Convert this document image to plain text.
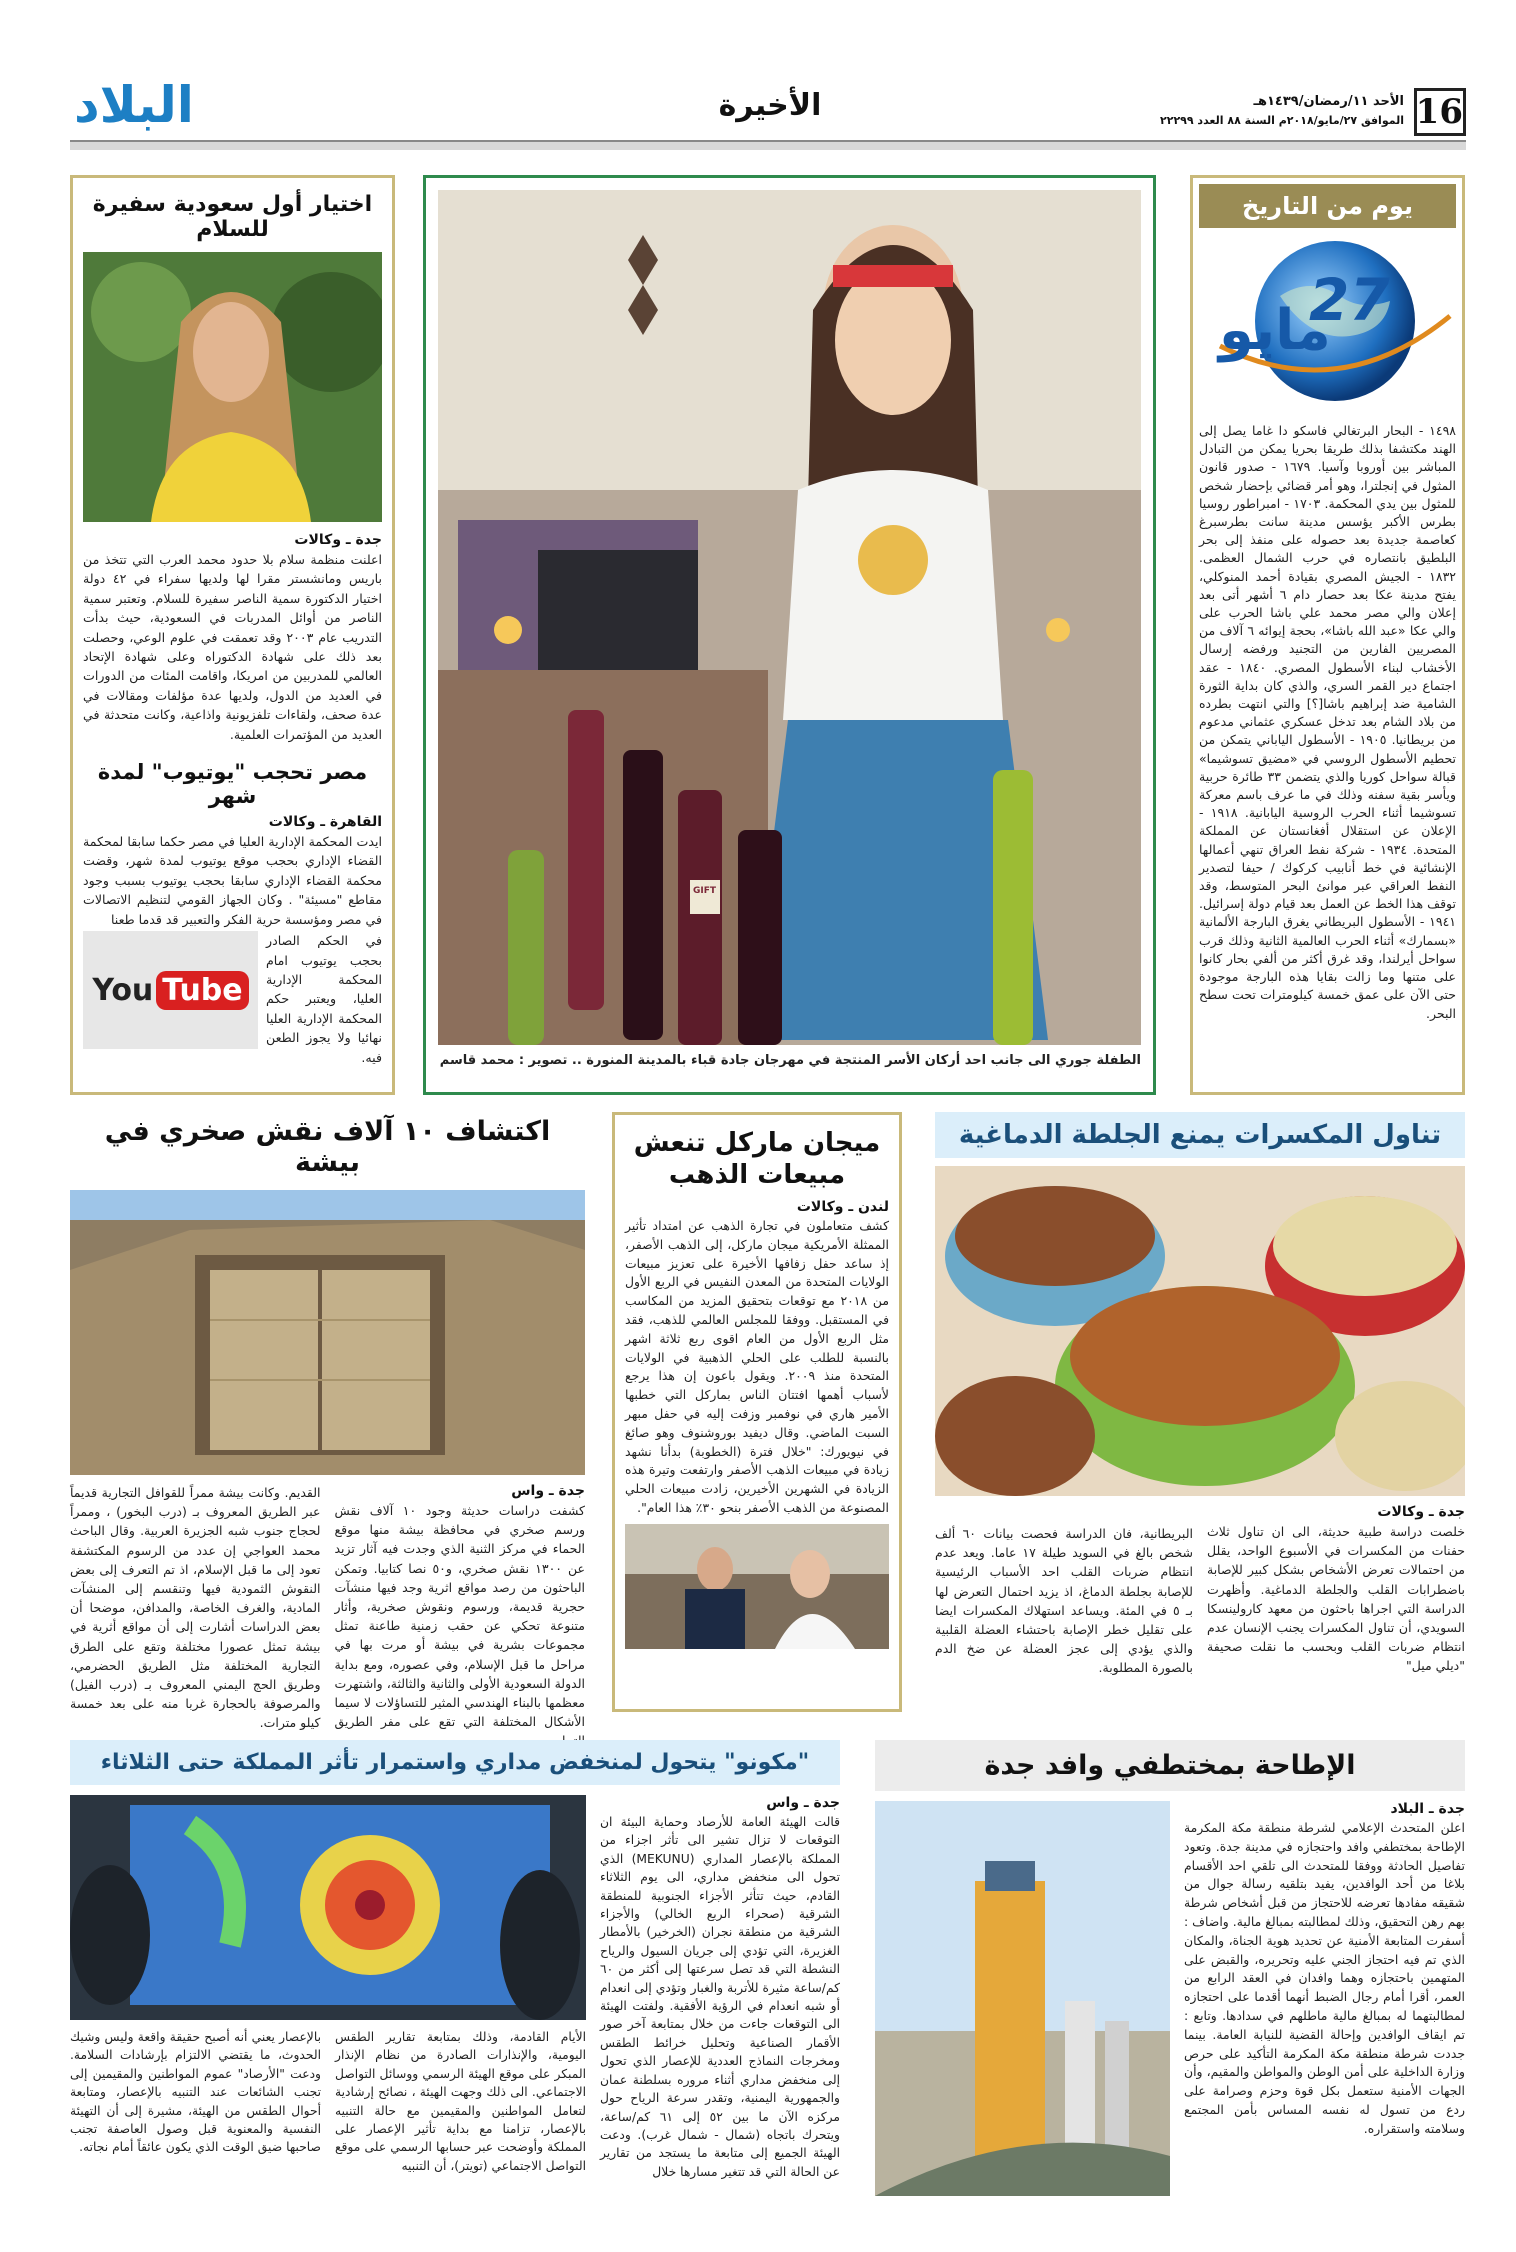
16
الأحد ١١/رمضان/١٤٣٩هـ
الموافق ٢٧/مايو/٢٠١٨م السنة ٨٨ العدد ٢٢٢٩٩
الأخيرة
البلاد
يوم من التاريخ
27
مايو

١٤٩٨ - البحار البرتغالي فاسكو دا غاما يصل إلى الهند مكتشفا بذلك طريقا بحريا يمكن من التبادل المباشر بين أوروبا وآسيا. ١٦٧٩ - صدور قانون المثول في إنجلترا، وهو أمر قضائي بإحضار شخص للمثول بين يدي المحكمة. ١٧٠٣ - امبراطور روسيا بطرس الأكبر يؤسس مدينة سانت بطرسبرغ كعاصمة جديدة بعد حصوله على منفذ إلى بحر البلطيق بانتصاره في حرب الشمال العظمى. ١٨٣٢ - الجيش المصري بقيادة أحمد المنوكلي، يفتح مدينة عكا بعد حصار دام ٦ أشهر أتى بعد إعلان والي مصر محمد علي باشا الحرب على والي عكا «عبد الله باشا»، بحجة إيوائه ٦ آلاف من المصريين الفارين من التجنيد ورفضه إرسال الأخشاب لبناء الأسطول المصري. ١٨٤٠ - عقد اجتماع دير القمر السري، والذي كان بداية الثورة الشامية ضد إبراهيم باشا[؟] والتي انتهت بطرده من بلاد الشام بعد تدخل عسكري عثماني مدعوم من بريطانيا. ١٩٠٥ - الأسطول الياباني يتمكن من تحطيم الأسطول الروسي في «مضيق تسوشيما» قبالة سواحل كوريا والذي يتضمن ٣٣ طائرة حربية ويأسر بقية سفنه وذلك في ما عرف باسم معركة تسوشيما أثناء الحرب الروسية اليابانية. ١٩١٨ - الإعلان عن استقلال أفغانستان عن المملكة المتحدة. ١٩٣٤ - شركة نفط العراق تنهي أعمالها الإنشائية في خط أنابيب كركوك / حيفا لتصدير النفط العراقي عبر موانئ البحر المتوسط، وقد توقف هذا الخط عن العمل بعد قيام دولة إسرائيل. ١٩٤١ - الأسطول البريطاني يغرق البارجة الألمانية «بسمارك» أثناء الحرب العالمية الثانية وذلك قرب سواحل أيرلندا، وقد غرق أكثر من ألفي بحار كانوا على متنها وما زالت بقايا هذه البارجة موجودة حتى الآن على عمق خمسة كيلومترات تحت سطح البحر.

GIFT
الطفلة جوري الى جانب احد أركان الأسر المنتجة في مهرجان جادة قباء بالمدينة المنورة .. تصوير : محمد قاسم
اختيار أول سعودية سفيرة للسلام
جدة ـ وكالات

اعلنت منظمة سلام بلا حدود محمد العرب التي تتخذ من باريس ومانشستر مقرا لها ولديها سفراء في ٤٢ دولة اختيار الدكتورة سمية الناصر سفيرة للسلام. وتعتبر سمية الناصر من أوائل المدربات في السعودية، حيث بدأت التدريب عام ٢٠٠٣ وقد تعمقت في علوم الوعي، وحصلت بعد ذلك على شهادة الدكتوراه وعلى شهادة الإتحاد العالمي للمدربين من امريكا، واقامت المئات من الدورات في العديد من الدول، ولديها عدة مؤلفات ومقالات في عدة صحف، ولقاءات تلفزيونية واذاعية، وكانت متحدثة في العديد من المؤتمرات العلمية.

مصر تحجب "يوتيوب" لمدة شهر
القاهرة ـ وكالات

ايدت المحكمة الإدارية العليا في مصر حكما سابقا لمحكمة القضاء الإداري بحجب موقع يوتيوب لمدة شهر، وقضت محكمة القضاء الإداري سابقا بحجب يوتيوب بسبب وجود مقاطع "مسيئة" . وكان الجهاز القومي لتنظيم الاتصالات في مصر ومؤسسة حرية الفكر والتعبير قد قدما طعنا

في الحكم الصادر بحجب يوتيوب امام المحكمة الإدارية العليا، ويعتبر حكم المحكمة الإدارية العليا نهائيا ولا يجوز الطعن فيه.

You Tube
اكتشاف ١٠ آلاف نقش صخري في بيشة
جدة ـ واس

كشفت دراسات حديثة وجود ١٠ آلاف نقش ورسم صخري في محافظة بيشة منها موقع الحماء في مركز الثنية الذي وجدت فيه آثار تزيد عن ١٣٠٠ نقش صخري، و٥٠ نصا كتابيا. وتمكن الباحثون من رصد مواقع اثرية وجد فيها منشآت حجرية قديمة، ورسوم ونقوش صخرية، وأثار متنوعة تحكي عن حقب زمنية طاعنة تمثل مجموعات بشرية في بيشة أو مرت بها في مراحل ما قبل الإسلام، وفي عصوره، ومع بداية الدولة السعودية الأولى والثانية والثالثة، واشتهرت معظمها بالبناء الهندسي المثير للتساؤلات لا سيما الأشكال المختلفة التي تقع على مفر الطريق

القديم. وكانت بيشة ممراً للقوافل التجارية قديماً عبر الطريق المعروف بـ (درب البخور) ، وممراً لحجاج جنوب شبه الجزيرة العربية. وقال الباحث محمد العواجي إن عدد من الرسوم المكتشفة تعود إلى ما قبل الإسلام، اذ تم التعرف إلى بعض النقوش الثمودية فيها وتنقسم إلى المنشآت المادية، والغرف الخاصة، والمدافن، موضحا أن بعض الدراسات أشارت إلى أن مواقع أثرية في بيشة تمثل عصورا مختلفة وتقع على الطرق التجارية المختلفة مثل الطريق الحضرمي، وطريق الحج اليمني المعروف بـ (درب الفيل) والمرصوفة بالحجارة غربا منه على بعد خمسة كيلو مترات.

ميجان ماركل تنعش مبيعات الذهب
لندن ـ وكالات

كشف متعاملون في تجارة الذهب عن امتداد تأثير الممثلة الأمريكية ميجان ماركل، إلى الذهب الأصفر، إذ ساعد حفل زفافها الأخيرة على تعزيز مبيعات الولايات المتحدة من المعدن النفيس في الربع الأول من ٢٠١٨ مع توقعات بتحقيق المزيد من المكاسب في المستقبل. ووفقا للمجلس العالمي للذهب، فقد مثل الربع الأول من العام اقوى ربع ثلاثة اشهر بالنسبة للطلب على الحلي الذهبية في الولايات المتحدة منذ ٢٠٠٩. ويقول باعون إن هذا يرجع لأسباب أهمها افتتان الناس بماركل التي خطبها الأمير هاري في نوفمبر وزفت إليه في حفل مبهر السبت الماضي. وقال ديفيد بوروشنوف وهو صائغ في نيويورك: "خلال فترة (الخطوبة) بدأنا نشهد زيادة في مبيعات الذهب الأصفر وارتفعت وتيرة هذه الزيادة في الشهرين الأخيرين، زادت مبيعات الحلي المصنوعة من الذهب الأصفر بنحو ٣٠٪ هذا العام".

تناول المكسرات يمنع الجلطة الدماغية
جدة ـ وكالات

خلصت دراسة طبية حديثة، الى ان تناول ثلاث حفنات من المكسرات في الأسبوع الواحد، يقلل من احتمالات تعرض الأشخاص بشكل كبير للإصابة باضطرابات القلب والجلطة الدماغية. وأظهرت الدراسة التي اجراها باحثون من معهد كارولينسكا السويدي، أن تناول المكسرات يجنب الإنسان عدم انتظام ضربات القلب وبحسب ما نقلت صحيفة "ديلي ميل"

البريطانية، فان الدراسة فحصت بيانات ٦٠ ألف شخص بالغ في السويد طيلة ١٧ عاما. ويعد عدم انتظام ضربات القلب احد الأسباب الرئيسية للإصابة بجلطة الدماغ، اذ يزيد احتمال التعرض لها بـ ٥ في المئة. ويساعد استهلاك المكسرات ايضا على تقليل خطر الإصابة باحتشاء العضلة القلبية والذي يؤدي إلى عجز العضلة عن ضخ الدم بالصورة المطلوبة.

الإطاحة بمختطفي وافد جدة
جدة ـ البلاد

اعلن المتحدث الإعلامي لشرطة منطقة مكة المكرمة الإطاحة بمختطفي وافد واحتجازه في مدينة جدة. وتعود تفاصيل الحادثة ووفقا للمتحدث الى تلقي احد الأقسام بلاغا من أحد الوافدين، يفيد بتلقيه رسالة جوال من شقيقه مفادها تعرضه للاحتجاز من قبل أشخاص شرطة بهم رهن التحقيق، وذلك لمطالبته بمبالغ مالية. واضاف : أسفرت المتابعة الأمنية عن تحديد هوية الجناة، والمكان الذي تم فيه احتجاز الجني عليه وتحريره، والقبض على المتهمين باحتجازه وهما وافدان في العقد الرابع من العمر، أقرا أمام رجال الضبط أنهما أقدما على احتجازه لمطالبتهما له بمبالغ مالية ماطلهم في سدادها. وتابع : تم ايقاف الوافدين وإحالة القضية للنيابة العامة. بينما جددت شرطة منطقة مكة المكرمة التأكيد على حرص وزارة الداخلية على أمن الوطن والمواطن والمقيم، وأن الجهات الأمنية ستعمل بكل قوة وحزم وصرامة على ردع من تسول له نفسه المساس بأمن المجتمع وسلامته واستقراره.

"مكونو" يتحول لمنخفض مداري واستمرار تأثر المملكة حتى الثلاثاء
جدة ـ واس

قالت الهيئة العامة للأرصاد وحماية البيئة ان التوقعات لا تزال تشير الى تأثر اجزاء من المملكة بالإعصار المداري (MEKUNU) الذي تحول الى منخفض مداري، الى يوم الثلاثاء القادم، حيث تتأثر الأجزاء الجنوبية للمنطقة الشرقية (صحراء الربع الخالي) والأجزاء الشرقية من منطقة نجران (الخرخير) بالأمطار الغزيرة، التي تؤدي إلى جريان السيول والرياح النشطة التي قد تصل سرعتها إلى أكثر من ٦٠ كم/ساعة مثيرة للأتربة والغبار وتؤدي إلى انعدام أو شبه انعدام في الرؤية الأفقية. ولفتت الهيئة الى التوقعات جاءت من خلال بمتابعة آخر صور الأقمار الصناعية وتحليل خرائط الطقس ومخرجات النماذج العددية للإعصار الذي تحول إلى منخفض مداري أثناء مروره بسلطنة عمان والجمهورية اليمنية، وتقدر سرعة الرياح حول مركزه الآن ما بين ٥٢ إلى ٦١ كم/ساعة، ويتحرك باتجاه (شمال - شمال غرب). ودعت الهيئة الجميع إلى متابعة ما يستجد من تقارير عن الحالة التي قد تتغير مسارها خلال

الأيام القادمة، وذلك بمتابعة تقارير الطقس اليومية، والإنذارات الصادرة من نظام الإنذار المبكر على موقع الهيئة الرسمي ووسائل التواصل الاجتماعي. الى ذلك وجهت الهيئة ، نصائح إرشادية لتعامل المواطنين والمقيمين مع حالة التنبيه بالإعصار، تزامنا مع بداية تأثير الإعصار على المملكة وأوضحت عبر حسابها الرسمي على موقع التواصل الاجتماعي (تويتر)، أن التنبيه

بالإعصار يعني أنه أصبح حقيقة واقعة وليس وشيك الحدوث، ما يقتضي الالتزام بإرشادات السلامة. ودعت "الأرصاد" عموم المواطنين والمقيمين إلى تجنب الشائعات عند التنبيه بالإعصار، ومتابعة أحوال الطقس من الهيئة، مشيرة إلى أن التهيئة النفسية والمعنوية قبل وصول العاصفة تجنب صاحبها ضيق الوقت الذي يكون عائقاً أمام نجاته.
